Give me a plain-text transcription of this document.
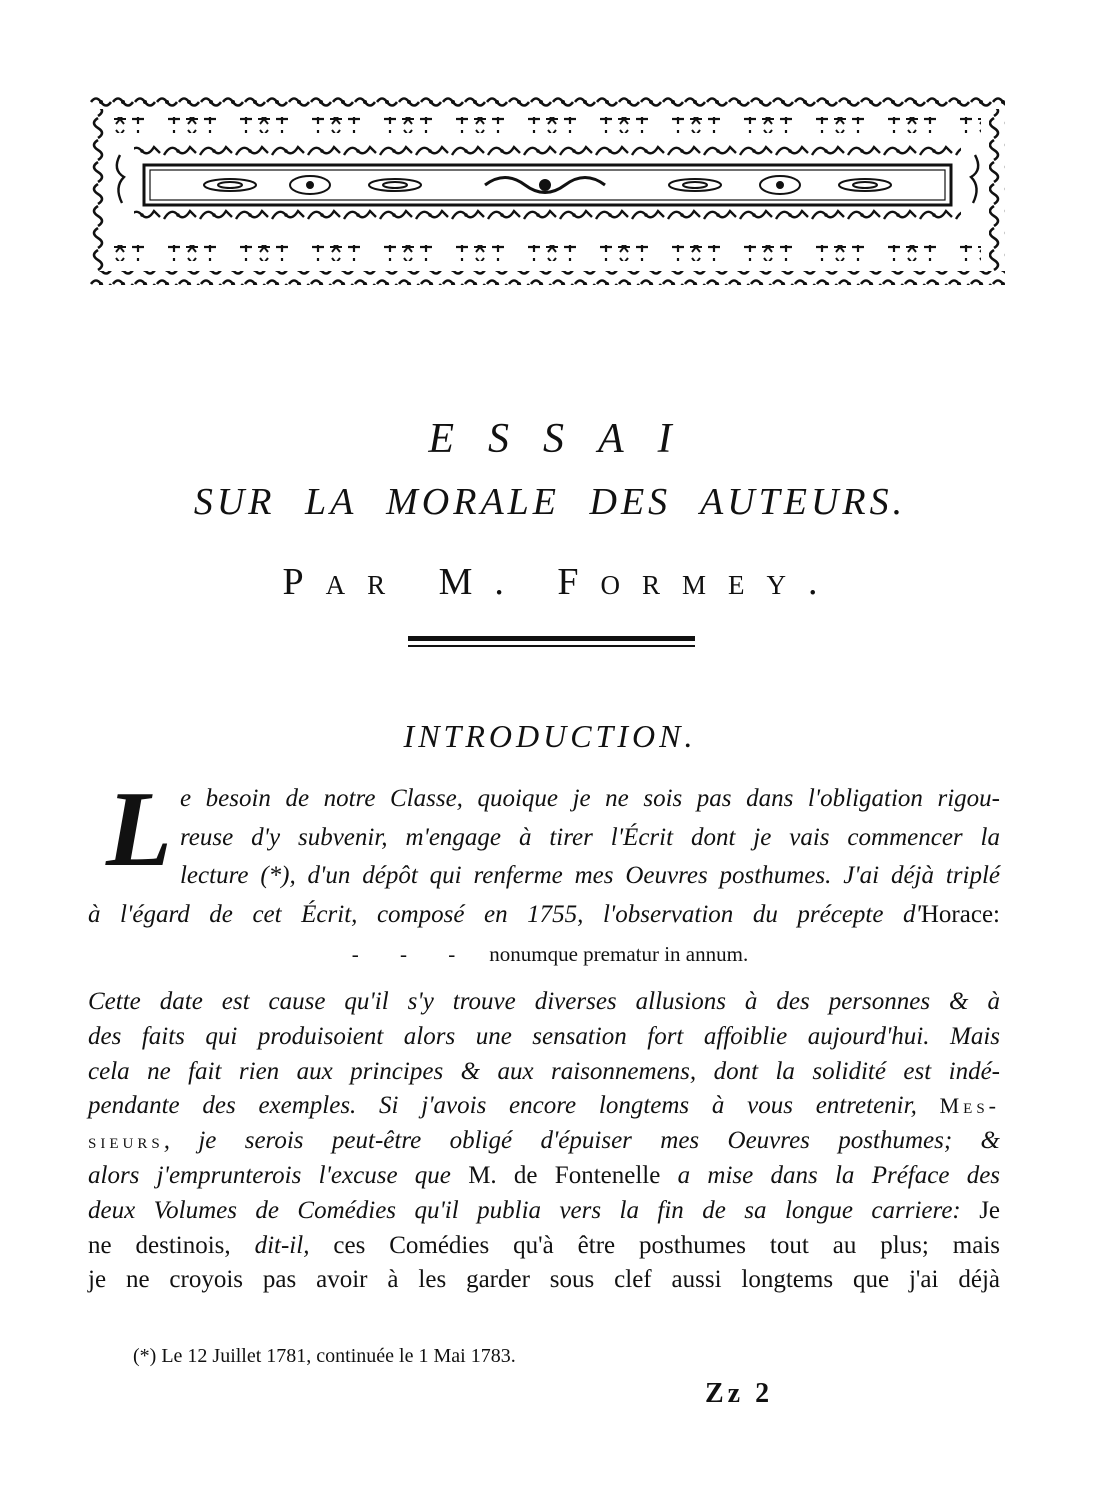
ESSAI
SUR LA MORALE DES AUTEURS.
Par M. Formey.
INTRODUCTION.
L e besoin de notre Classe, quoique je ne sois pas dans l'obligation rigou-
reuse d'y subvenir, m'engage à tirer l'Écrit dont je vais commencer la
lecture (*), d'un dépôt qui renferme mes Oeuvres posthumes. J'ai déjà triplé
à l'égard de cet Écrit, composé en 1755, l'observation du précepte d'Horace:
- - - nonumque prematur in annum.
Cette date est cause qu'il s'y trouve diverses allusions à des personnes & à
des faits qui produisoient alors une sensation fort affoiblie aujourd'hui. Mais
cela ne fait rien aux principes & aux raisonnemens, dont la solidité est indé-
pendante des exemples. Si j'avois encore longtems à vous entretenir, Mes-
sieurs, je serois peut-être obligé d'épuiser mes Oeuvres posthumes; &
alors j'emprunterois l'excuse que M. de Fontenelle a mise dans la Préface des
deux Volumes de Comédies qu'il publia vers la fin de sa longue carriere: Je
ne destinois, dit-il, ces Comédies qu'à être posthumes tout au plus; mais
je ne croyois pas avoir à les garder sous clef aussi longtems que j'ai déjà
(*) Le 12 Juillet 1781, continuée le 1 Mai 1783.
Zz 2
